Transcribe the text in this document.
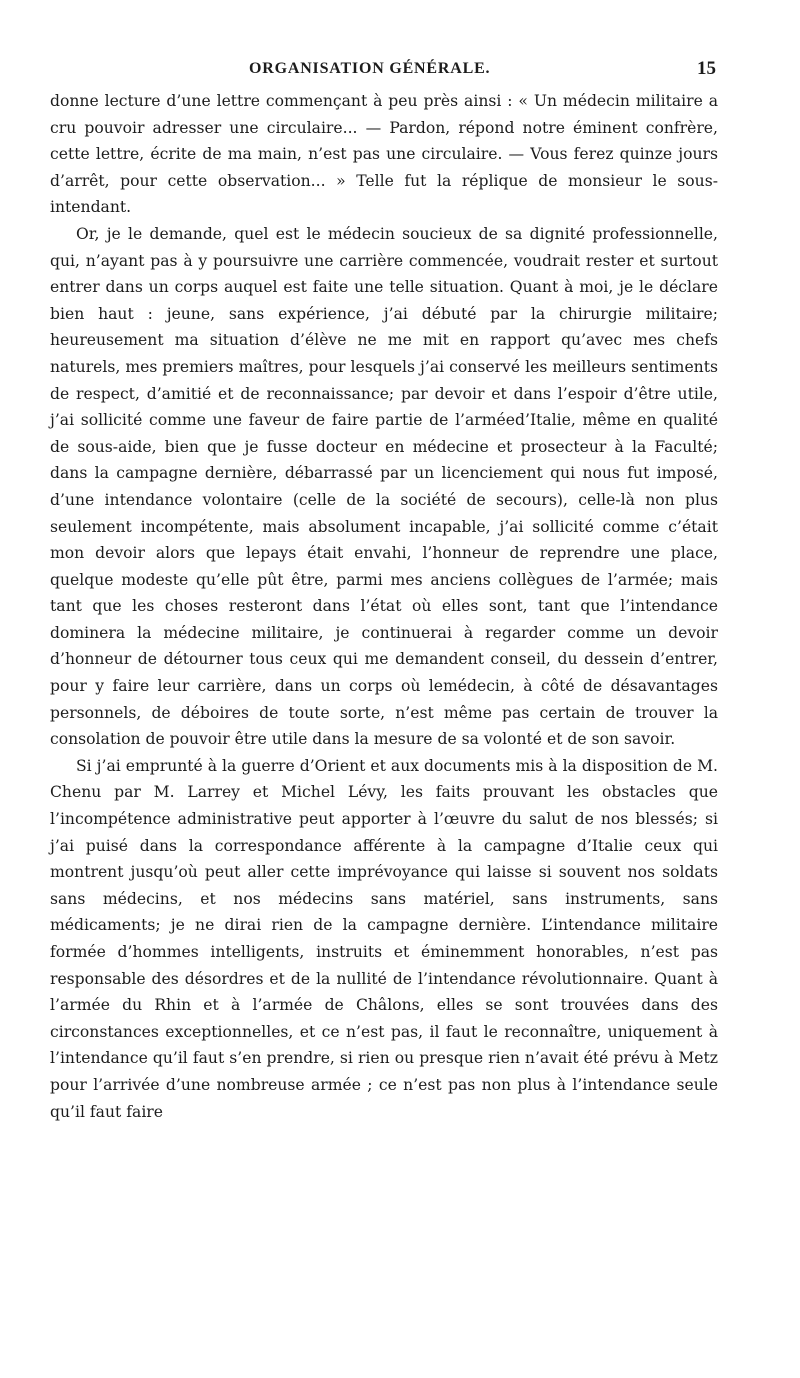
ORGANISATION GÉNÉRALE.	15

donne lecture d’une lettre commençant à peu près ainsi : « Un médecin militaire a cru pouvoir adresser une circulaire... — Pardon, répond notre éminent confrère, cette lettre, écrite de ma main, n’est pas une circulaire. — Vous ferez quinze jours d’arrêt, pour cette observation... » Telle fut la réplique de monsieur le sous-intendant.

Or, je le demande, quel est le médecin soucieux de sa dignité professionnelle, qui, n’ayant pas à y poursuivre une carrière commencée, voudrait rester et surtout entrer dans un corps auquel est faite une telle situation. Quant à moi, je le déclare bien haut : jeune, sans expérience, j’ai débuté par la chirurgie militaire; heureusement ma situation d’élève ne me mit en rapport qu’avec mes chefs naturels, mes premiers maîtres, pour lesquels j’ai conservé les meilleurs sentiments de respect, d’amitié et de reconnaissance; par devoir et dans l’espoir d’être utile, j’ai sollicité comme une faveur de faire partie de l’arméed’Italie, même en qualité de sous-aide, bien que je fusse docteur en médecine et prosecteur à la Faculté; dans la campagne dernière, débarrassé par un licenciement qui nous fut imposé, d’une intendance volontaire (celle de la société de secours), celle-là non plus seulement incompétente, mais absolument incapable, j’ai sollicité comme c’était mon devoir alors que lepays était envahi, l’honneur de reprendre une place, quelque modeste qu’elle pût être, parmi mes anciens collègues de l’armée; mais tant que les choses resteront dans l’état où elles sont, tant que l’intendance dominera la médecine militaire, je continuerai à regarder comme un devoir d’honneur de détourner tous ceux qui me demandent conseil, du dessein d’entrer, pour y faire leur carrière, dans un corps où lemédecin, à côté de désavantages personnels, de déboires de toute sorte, n’est même pas certain de trouver la consolation de pouvoir être utile dans la mesure de sa volonté et de son savoir.

Si j’ai emprunté à la guerre d’Orient et aux documents mis à la disposition de M. Chenu par M. Larrey et Michel Lévy, les faits prouvant les obstacles que l’incompétence administrative peut apporter à l’œuvre du salut de nos blessés; si j’ai puisé dans la correspondance afférente à la campagne d’Italie ceux qui montrent jusqu’où peut aller cette imprévoyance qui laisse si souvent nos soldats sans médecins, et nos médecins sans matériel, sans instruments, sans médicaments; je ne dirai rien de la campagne dernière. L’intendance militaire formée d’hommes intelligents, instruits et éminemment honorables, n’est pas responsable des désordres et de la nullité de l’intendance révolutionnaire. Quant à l’armée du Rhin et à l’armée de Châlons, elles se sont trouvées dans des circonstances exceptionnelles, et ce n’est pas, il faut le reconnaître, uniquement à l’intendance qu’il faut s’en prendre, si rien ou presque rien n’avait été prévu à Metz pour l’arrivée d’une nombreuse armée ; ce n’est pas non plus à l’intendance seule qu’il faut faire
